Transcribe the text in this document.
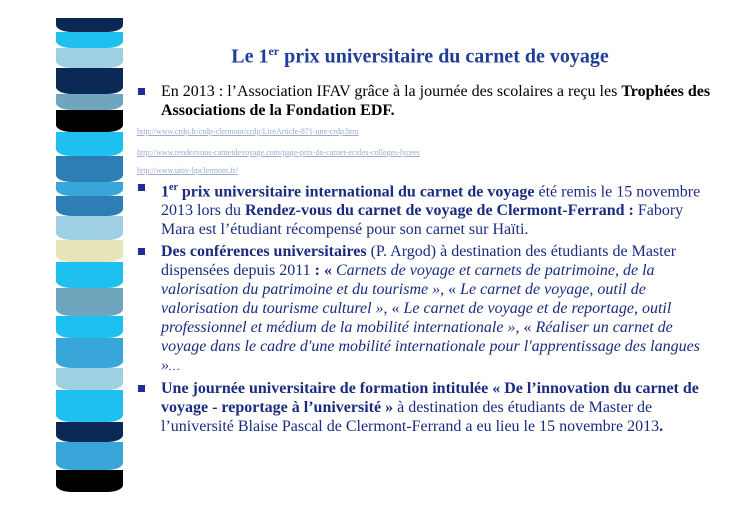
Le 1er prix universitaire du carnet de voyage
En 2013 : l’Association IFAV grâce à la journée des scolaires a reçu les Trophées des Associations de la Fondation EDF.
http://www.crdp.fr/crdp-clermont/crdp/LireArticle-871-une-crdp.htm
http://www.rendezvous-carnetdevoyage.com/page-prix-do-carnet-ecoles-colleges-lycees
http://www.univ-bpclermont.fr/
1er prix universitaire international du carnet de voyage été remis le 15 novembre 2013 lors du Rendez-vous du carnet de voyage de Clermont-Ferrand : Fabory Mara est l’étudiant récompensé pour son carnet sur Haïti.
Des conférences universitaires (P. Argod) à destination des étudiants de Master dispensées depuis 2011 : « Carnets de voyage et carnets de patrimoine, de la valorisation du patrimoine et du tourisme », « Le carnet de voyage, outil de valorisation du tourisme culturel », « Le carnet de voyage et de reportage, outil professionnel et médium de la mobilité internationale », « Réaliser un carnet de voyage dans le cadre d'une mobilité internationale pour l'apprentissage des langues »…
Une journée universitaire de formation intitulée « De l’innovation du carnet de voyage - reportage à l’université » à destination des étudiants de Master de l’université Blaise Pascal de Clermont-Ferrand a eu lieu le 15 novembre 2013.
